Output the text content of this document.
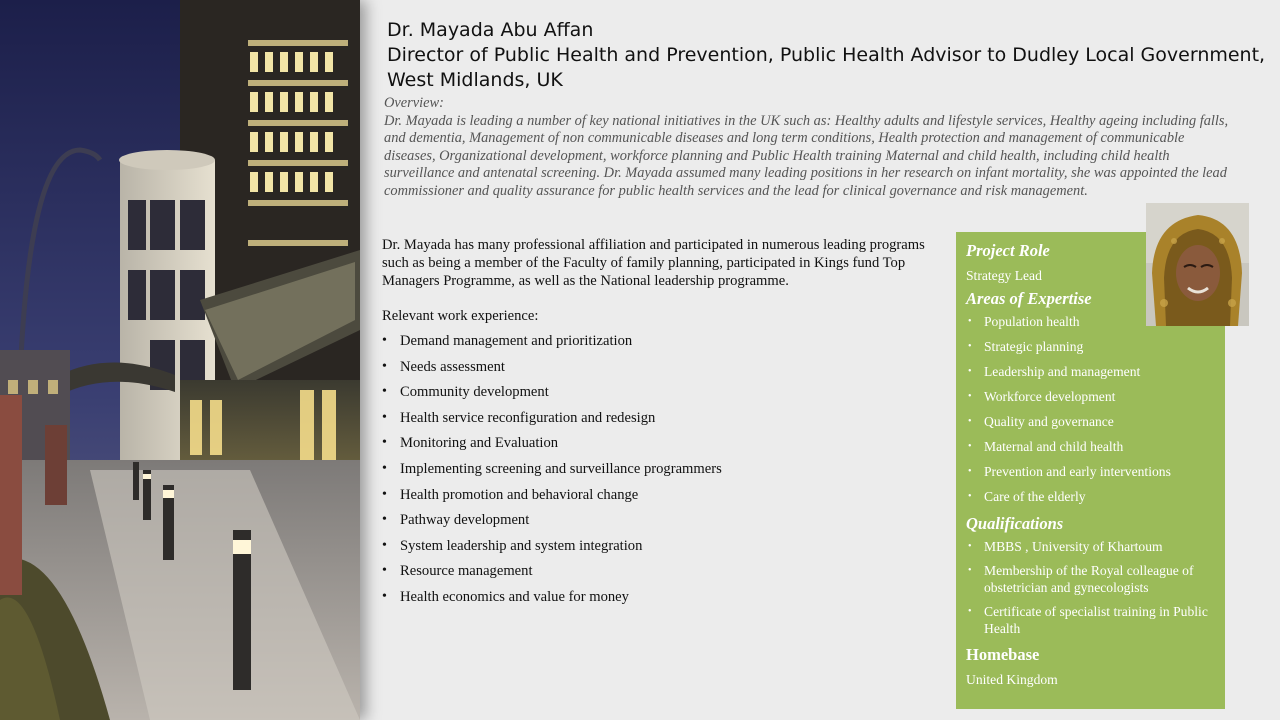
Dr. Mayada Abu Affan
Director of Public Health and Prevention, Public Health Advisor to Dudley Local Government,
West Midlands, UK
Overview:
Dr. Mayada is leading a number of key national initiatives in the UK such as: Healthy adults and lifestyle services, Healthy ageing including falls, and dementia, Management of non communicable diseases and long term conditions, Health protection and management of communicable diseases, Organizational development, workforce planning and Public Health training Maternal and child health, including child health surveillance and antenatal screening. Dr. Mayada assumed many leading positions in her research on infant mortality, she was appointed the lead commissioner and quality assurance for public health services and the lead for clinical governance and risk management.
Dr. Mayada has many professional affiliation and participated in numerous leading programs such as being a member of the Faculty of family planning, participated in Kings fund Top Managers Programme, as well as the National leadership programme.
Relevant work experience:
• Demand management and prioritization
• Needs assessment
• Community development
• Health service reconfiguration and redesign
• Monitoring and Evaluation
• Implementing screening and surveillance programmers
• Health promotion and behavioral change
• Pathway development
• System leadership and system integration
• Resource management
• Health economics and value for money

Project Role

Strategy Lead

Areas of Expertise

• Population health
• Strategic planning
• Leadership and management
• Workforce development
• Quality and governance
• Maternal and child health
• Prevention and early interventions
• Care of the elderly

Qualifications

• MBBS , University of Khartoum
• Membership of the Royal colleague of obstetrician and gynecologists
• Certificate of specialist training in Public Health

Homebase

United Kingdom
